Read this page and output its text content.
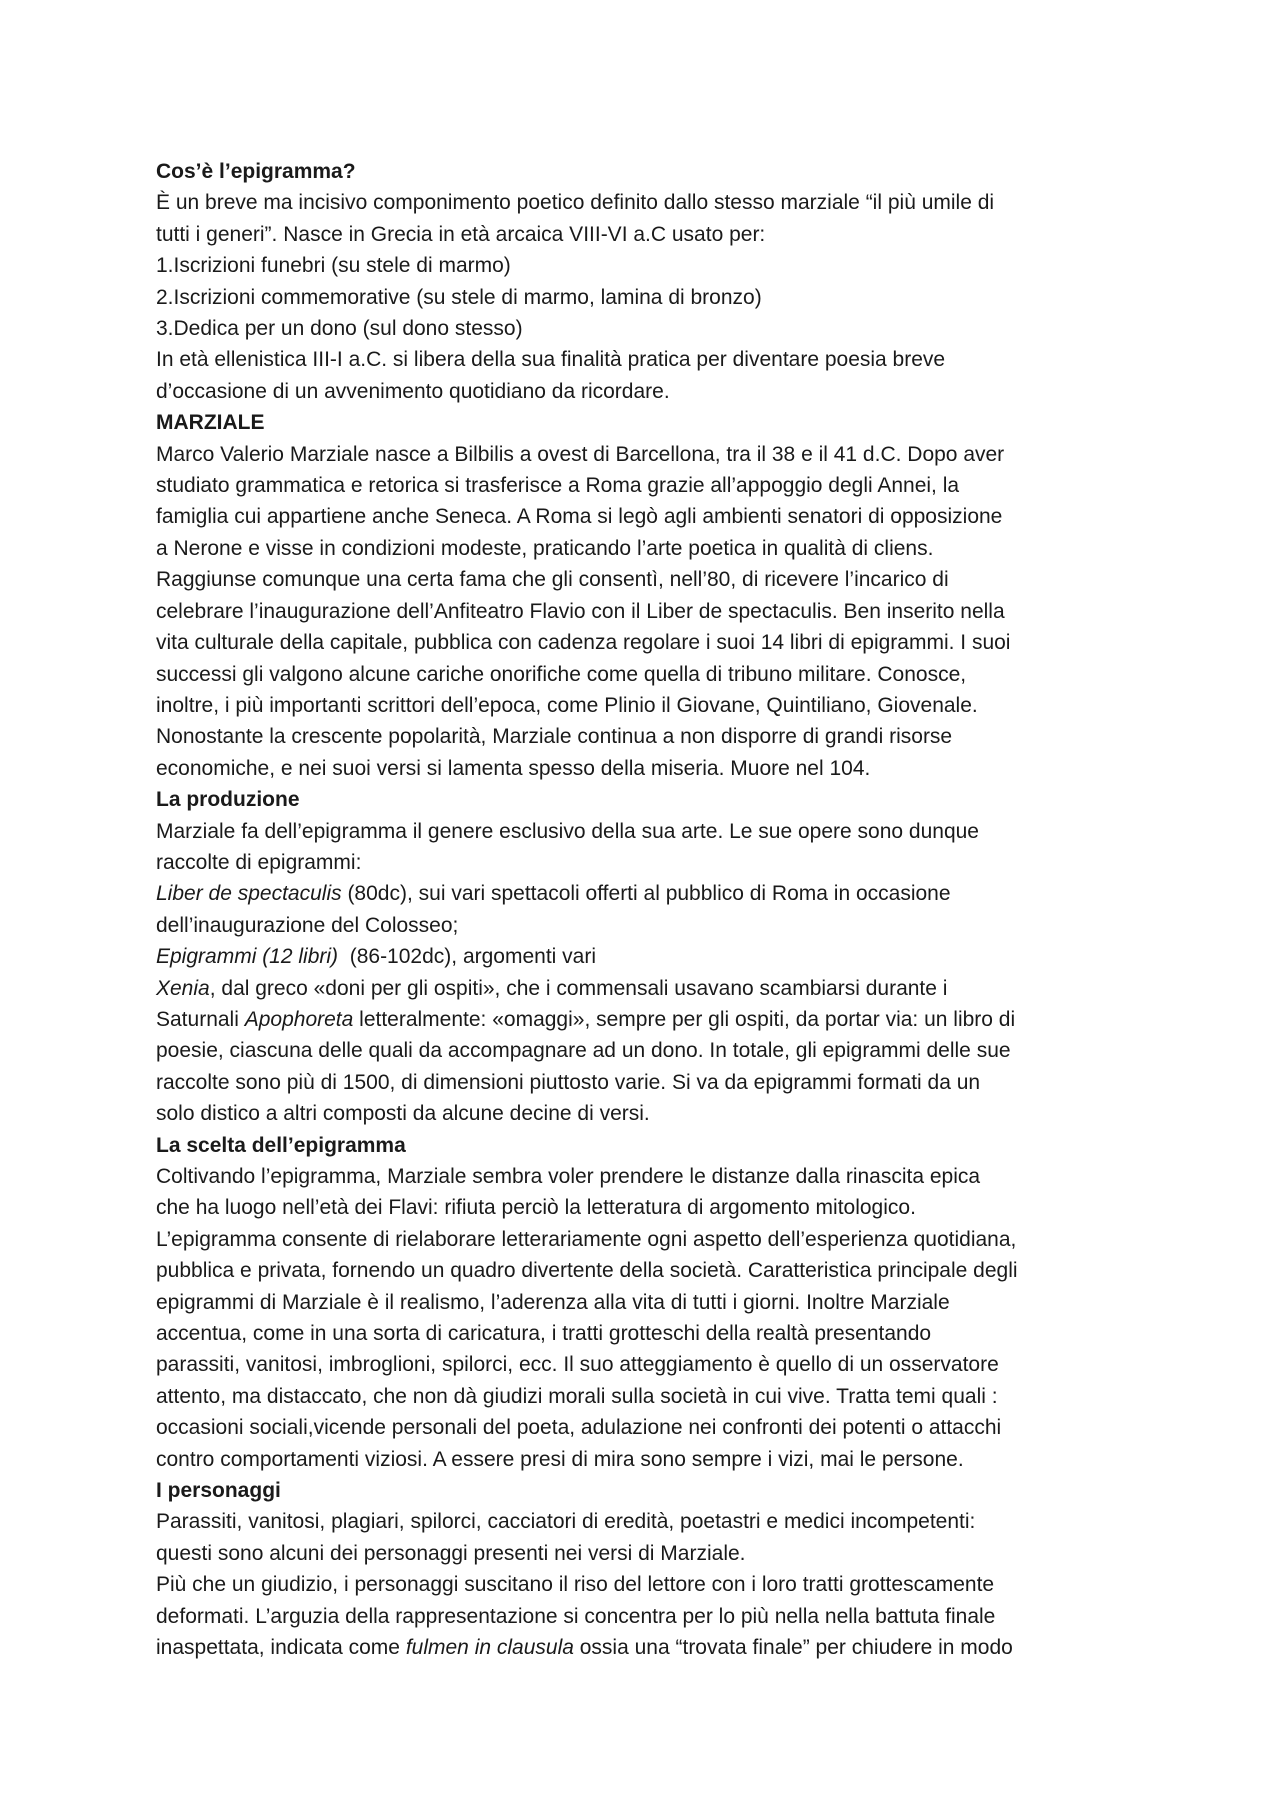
Cos’è l’epigramma?

È un breve ma incisivo componimento poetico definito dallo stesso marziale “il più umile di

tutti i generi”. Nasce in Grecia in età arcaica VIII-VI a.C usato per:

1.Iscrizioni funebri (su stele di marmo)

2.Iscrizioni commemorative (su stele di marmo, lamina di bronzo)

3.Dedica per un dono (sul dono stesso)

In età ellenistica III-I a.C. si libera della sua finalità pratica per diventare poesia breve

d’occasione di un avvenimento quotidiano da ricordare.

MARZIALE

Marco Valerio Marziale nasce a Bilbilis a ovest di Barcellona, tra il 38 e il 41 d.C. Dopo aver

studiato grammatica e retorica si trasferisce a Roma grazie all’appoggio degli Annei, la

famiglia cui appartiene anche Seneca. A Roma si legò agli ambienti senatori di opposizione

a Nerone e visse in condizioni modeste, praticando l’arte poetica in qualità di cliens.

Raggiunse comunque una certa fama che gli consentì, nell’80, di ricevere l’incarico di

celebrare l’inaugurazione dell’Anfiteatro Flavio con il Liber de spectaculis. Ben inserito nella

vita culturale della capitale, pubblica con cadenza regolare i suoi 14 libri di epigrammi. I suoi

successi gli valgono alcune cariche onorifiche come quella di tribuno militare. Conosce,

inoltre, i più importanti scrittori dell’epoca, come Plinio il Giovane, Quintiliano, Giovenale.

Nonostante la crescente popolarità, Marziale continua a non disporre di grandi risorse

economiche, e nei suoi versi si lamenta spesso della miseria. Muore nel 104.

La produzione

Marziale fa dell’epigramma il genere esclusivo della sua arte. Le sue opere sono dunque

raccolte di epigrammi:

Liber de spectaculis (80dc), sui vari spettacoli offerti al pubblico di Roma in occasione

dell’inaugurazione del Colosseo;

Epigrammi (12 libri)  (86-102dc), argomenti vari

Xenia, dal greco «doni per gli ospiti», che i commensali usavano scambiarsi durante i

Saturnali Apophoreta letteralmente: «omaggi», sempre per gli ospiti, da portar via: un libro di

poesie, ciascuna delle quali da accompagnare ad un dono. In totale, gli epigrammi delle sue

raccolte sono più di 1500, di dimensioni piuttosto varie. Si va da epigrammi formati da un

solo distico a altri composti da alcune decine di versi.

La scelta dell’epigramma

Coltivando l’epigramma, Marziale sembra voler prendere le distanze dalla rinascita epica

che ha luogo nell’età dei Flavi: rifiuta perciò la letteratura di argomento mitologico.

L’epigramma consente di rielaborare letterariamente ogni aspetto dell’esperienza quotidiana,

pubblica e privata, fornendo un quadro divertente della società. Caratteristica principale degli

epigrammi di Marziale è il realismo, l’aderenza alla vita di tutti i giorni. Inoltre Marziale

accentua, come in una sorta di caricatura, i tratti grotteschi della realtà presentando

parassiti, vanitosi, imbroglioni, spilorci, ecc. Il suo atteggiamento è quello di un osservatore

attento, ma distaccato, che non dà giudizi morali sulla società in cui vive. Tratta temi quali :

occasioni sociali,vicende personali del poeta, adulazione nei confronti dei potenti o attacchi

contro comportamenti viziosi. A essere presi di mira sono sempre i vizi, mai le persone.

I personaggi

Parassiti, vanitosi, plagiari, spilorci, cacciatori di eredità, poetastri e medici incompetenti:

questi sono alcuni dei personaggi presenti nei versi di Marziale.

Più che un giudizio, i personaggi suscitano il riso del lettore con i loro tratti grottescamente

deformati. L’arguzia della rappresentazione si concentra per lo più nella nella battuta finale

inaspettata, indicata come fulmen in clausula ossia una “trovata finale” per chiudere in modo
